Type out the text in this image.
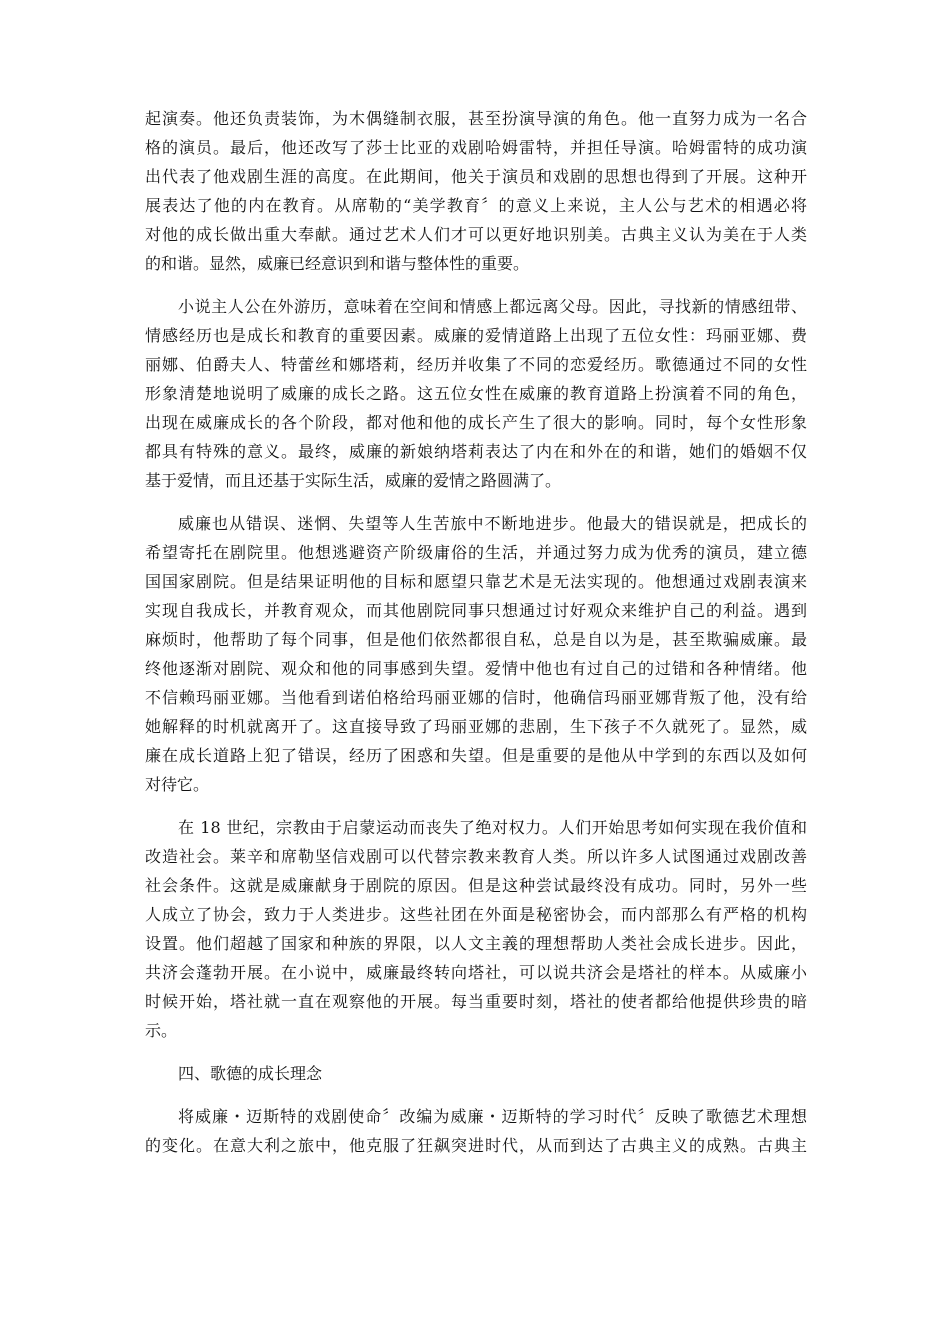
起演奏。他还负责装饰，为木偶缝制衣服，甚至扮演导演的角色。他一直努力成为一名合
格的演员。最后，他还改写了莎士比亚的戏剧哈姆雷特，并担任导演。哈姆雷特的成功演
出代表了他戏剧生涯的高度。在此期间，他关于演员和戏剧的思想也得到了开展。这种开
展表达了他的内在教育。从席勒的“美学教育〞的意义上来说，主人公与艺术的相遇必将
对他的成长做出重大奉献。通过艺术人们才可以更好地识别美。古典主义认为美在于人类
的和谐。显然，威廉已经意识到和谐与整体性的重要。
小说主人公在外游历，意味着在空间和情感上都远离父母。因此，寻找新的情感纽带、
情感经历也是成长和教育的重要因素。威廉的爱情道路上出现了五位女性：玛丽亚娜、费
丽娜、伯爵夫人、特蕾丝和娜塔莉，经历并收集了不同的恋爱经历。歌德通过不同的女性
形象清楚地说明了威廉的成长之路。这五位女性在威廉的教育道路上扮演着不同的角色，
出现在威廉成长的各个阶段，都对他和他的成长产生了很大的影响。同时，每个女性形象
都具有特殊的意义。最终，威廉的新娘纳塔莉表达了内在和外在的和谐，她们的婚姻不仅
基于爱情，而且还基于实际生活，威廉的爱情之路圆满了。
威廉也从错误、迷惘、失望等人生苦旅中不断地进步。他最大的错误就是，把成长的
希望寄托在剧院里。他想逃避资产阶级庸俗的生活，并通过努力成为优秀的演员，建立德
国国家剧院。但是结果证明他的目标和愿望只靠艺术是无法实现的。他想通过戏剧表演来
实现自我成长，并教育观众，而其他剧院同事只想通过讨好观众来维护自己的利益。遇到
麻烦时，他帮助了每个同事，但是他们依然都很自私，总是自以为是，甚至欺骗威廉。最
终他逐渐对剧院、观众和他的同事感到失望。爱情中他也有过自己的过错和各种情绪。他
不信赖玛丽亚娜。当他看到诺伯格给玛丽亚娜的信时，他确信玛丽亚娜背叛了他，没有给
她解释的时机就离开了。这直接导致了玛丽亚娜的悲剧，生下孩子不久就死了。显然，威
廉在成长道路上犯了错误，经历了困惑和失望。但是重要的是他从中学到的东西以及如何
对待它。
在 18 世纪，宗教由于启蒙运动而丧失了绝对权力。人们开始思考如何实现在我价值和
改造社会。莱辛和席勒坚信戏剧可以代替宗教来教育人类。所以许多人试图通过戏剧改善
社会条件。这就是威廉献身于剧院的原因。但是这种尝试最终没有成功。同时，另外一些
人成立了协会，致力于人类进步。这些社团在外面是秘密协会，而内部那么有严格的机构
设置。他们超越了国家和种族的界限，以人文主義的理想帮助人类社会成长进步。因此，
共济会蓬勃开展。在小说中，威廉最终转向塔社，可以说共济会是塔社的样本。从威廉小
时候开始，塔社就一直在观察他的开展。每当重要时刻，塔社的使者都给他提供珍贵的暗
示。
四、歌德的成长理念
将威廉・迈斯特的戏剧使命〞改编为威廉・迈斯特的学习时代〞反映了歌德艺术理想
的变化。在意大利之旅中，他克服了狂飙突进时代，从而到达了古典主义的成熟。古典主
